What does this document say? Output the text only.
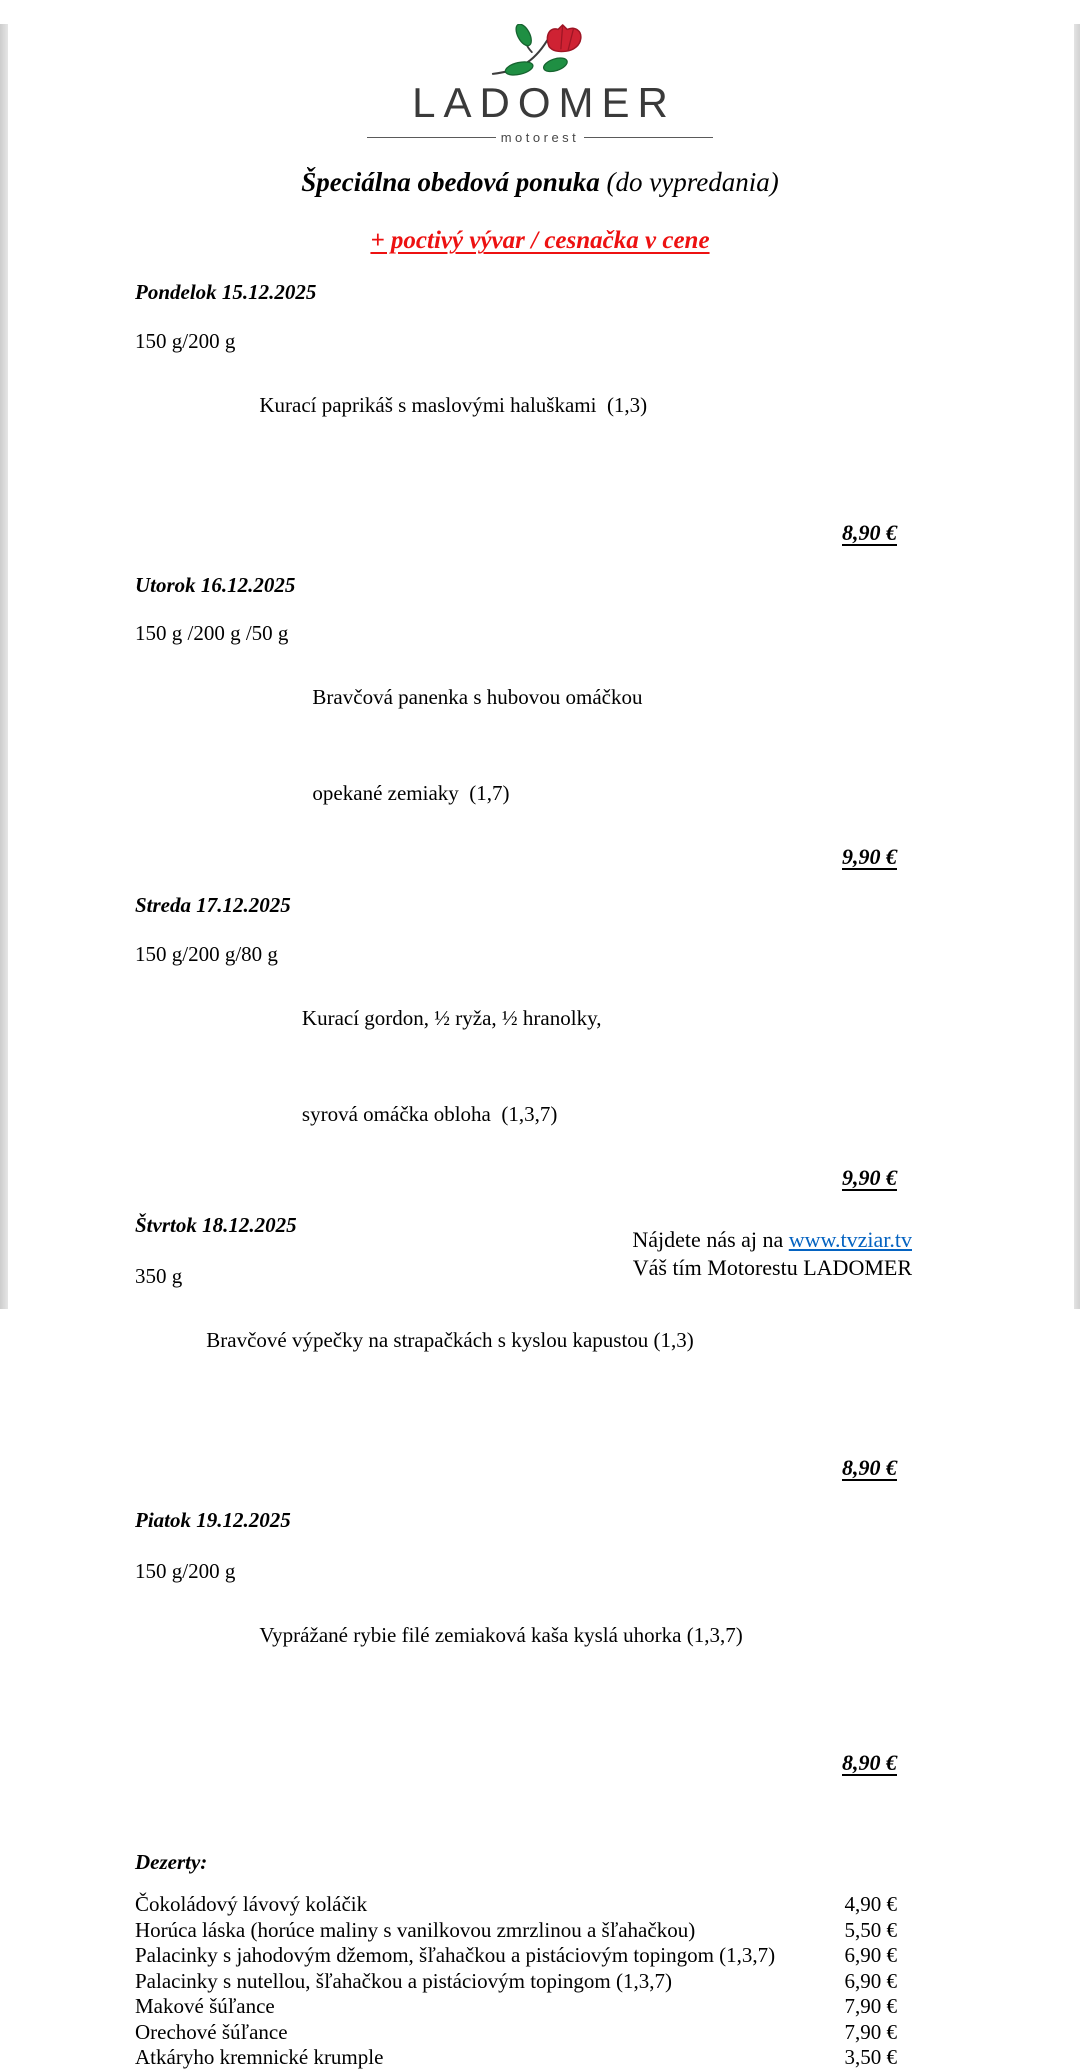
LADOMER
motorest
Špeciálna obedová ponuka (do vypredania)
+ poctivý vývar / cesnačka v cene
Pondelok 15.12.2025
150 g/200 g

Kurací paprikáš s maslovými haluškami  (1,3)

8,90 €
Utorok 16.12.2025
150 g /200 g /50 g

Bravčová panenka s hubovou omáčkou

opekané zemiaky  (1,7)

9,90 €
Streda 17.12.2025
150 g/200 g/80 g

Kurací gordon, ½ ryža, ½ hranolky,

syrová omáčka obloha  (1,3,7)

9,90 €
Štvrtok 18.12.2025
350 g

Bravčové výpečky na strapačkách s kyslou kapustou (1,3)

8,90 €
Piatok 19.12.2025
150 g/200 g

Vyprážané rybie filé zemiaková kaša kyslá uhorka (1,3,7)

8,90 €
Dezerty:
Čokoládový lávový koláčik	4,90 €
Horúca láska (horúce maliny s vanilkovou zmrzlinou a šľahačkou)	5,50 €
Palacinky s jahodovým džemom, šľahačkou a pistáciovým topingom (1,3,7)	6,90 €
Palacinky s nutellou, šľahačkou a pistáciovým topingom (1,3,7)	6,90 €
Makové šúľance	7,90 €
Orechové šúľance	7,90 €
Atkáryho kremnické krumple	3,50 €
Nájdete nás aj na www.tvziar.tv
Váš tím Motorestu LADOMER
